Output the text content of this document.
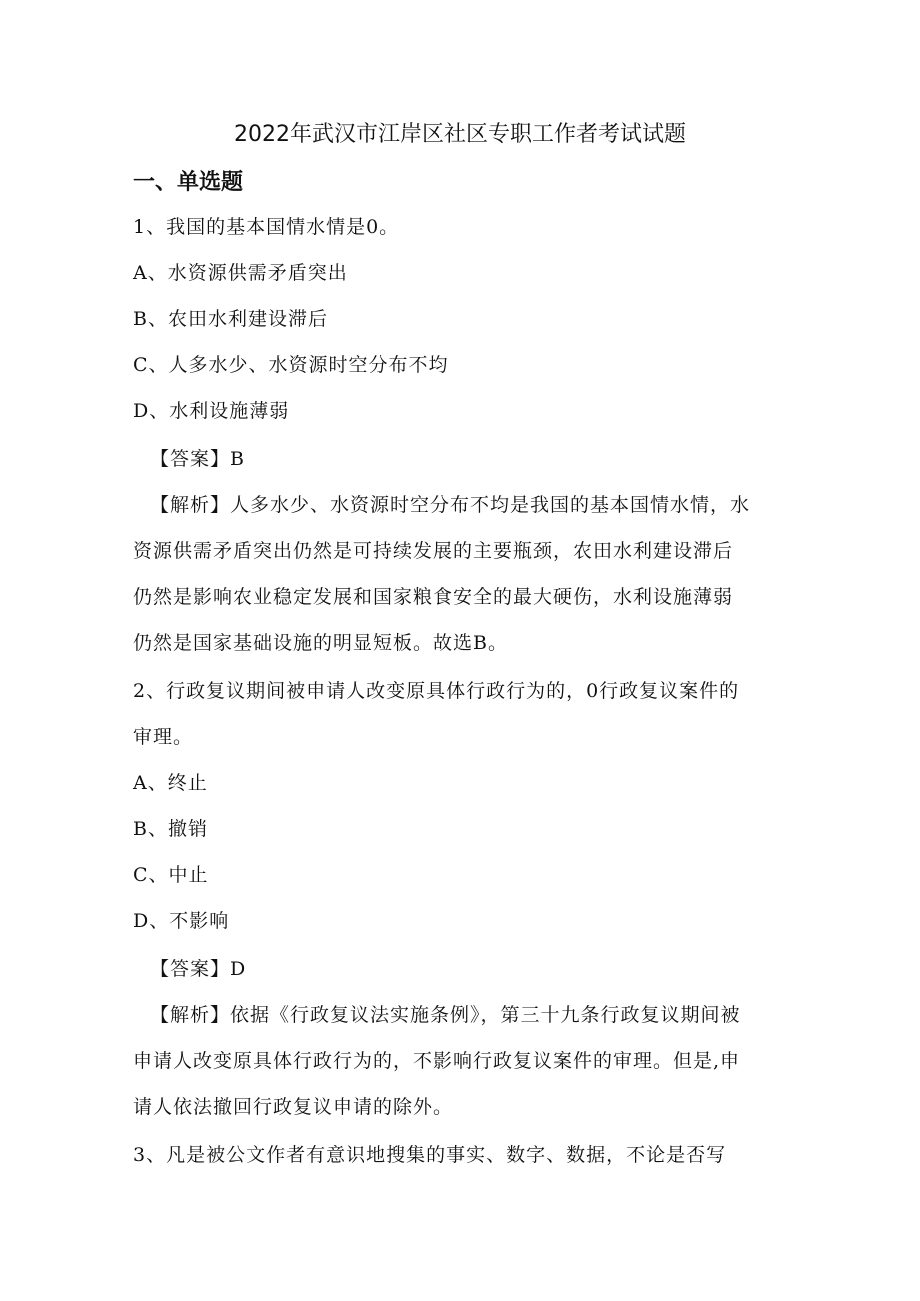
2022年武汉市江岸区社区专职工作者考试试题
一、单选题

1、我国的基本国情水情是0。

A、水资源供需矛盾突出

B、农田水利建设滞后

C、人多水少、水资源时空分布不均

D、水利设施薄弱

【答案】B

【解析】人多水少、水资源时空分布不均是我国的基本国情水情，水

资源供需矛盾突出仍然是可持续发展的主要瓶颈，农田水利建设滞后

仍然是影响农业稳定发展和国家粮食安全的最大硬伤，水利设施薄弱

仍然是国家基础设施的明显短板。故选B。

2、行政复议期间被申请人改变原具体行政行为的，0行政复议案件的

审理。

A、终止

B、撤销

C、中止

D、不影响

【答案】D

【解析】依据《行政复议法实施条例》，第三十九条行政复议期间被

申请人改变原具体行政行为的，不影响行政复议案件的审理。但是,申

请人依法撤回行政复议申请的除外。

3、凡是被公文作者有意识地搜集的事实、数字、数据，不论是否写
